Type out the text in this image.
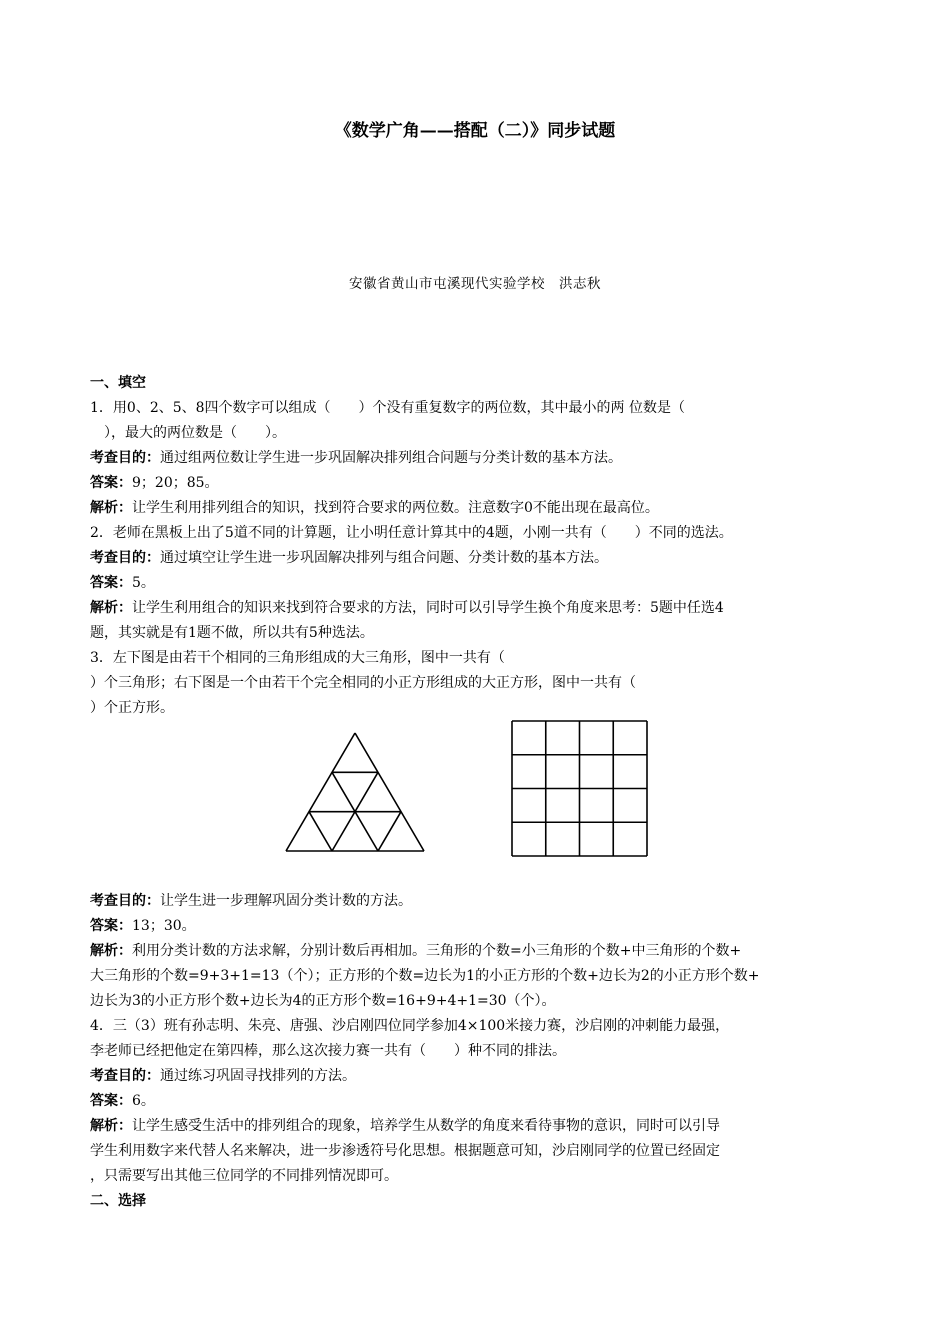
《数学广角——搭配（二）》同步试题
安徽省黄山市屯溪现代实验学校　洪志秋
一、填空
1．用0、2、5、8四个数字可以组成（　　）个没有重复数字的两位数，其中最小的两 位数是（
　），最大的两位数是（　　）。
考查目的：通过组两位数让学生进一步巩固解决排列组合问题与分类计数的基本方法。
答案：9；20；85。
解析：让学生利用排列组合的知识，找到符合要求的两位数。注意数字0不能出现在最高位。
2．老师在黑板上出了5道不同的计算题，让小明任意计算其中的4题，小刚一共有（　　）不同的选法。
考查目的：通过填空让学生进一步巩固解决排列与组合问题、分类计数的基本方法。
答案：5。
解析：让学生利用组合的知识来找到符合要求的方法，同时可以引导学生换个角度来思考：5题中任选4
题，其实就是有1题不做，所以共有5种选法。
3．左下图是由若干个相同的三角形组成的大三角形，图中一共有（
）个三角形；右下图是一个由若干个完全相同的小正方形组成的大正方形，图中一共有（
）个正方形。
考查目的：让学生进一步理解巩固分类计数的方法。
答案：13；30。
解析：利用分类计数的方法求解，分别计数后再相加。三角形的个数=小三角形的个数+中三角形的个数+
大三角形的个数=9+3+1=13（个）；正方形的个数=边长为1的小正方形的个数+边长为2的小正方形个数+
边长为3的小正方形个数+边长为4的正方形个数=16+9+4+1=30（个）。
4．三（3）班有孙志明、朱亮、唐强、沙启刚四位同学参加4×100米接力赛，沙启刚的冲刺能力最强，
李老师已经把他定在第四棒，那么这次接力赛一共有（　　）种不同的排法。
考查目的：通过练习巩固寻找排列的方法。
答案：6。
解析：让学生感受生活中的排列组合的现象，培养学生从数学的角度来看待事物的意识，同时可以引导
学生利用数字来代替人名来解决，进一步渗透符号化思想。根据题意可知，沙启刚同学的位置已经固定
，只需要写出其他三位同学的不同排列情况即可。
二、选择
